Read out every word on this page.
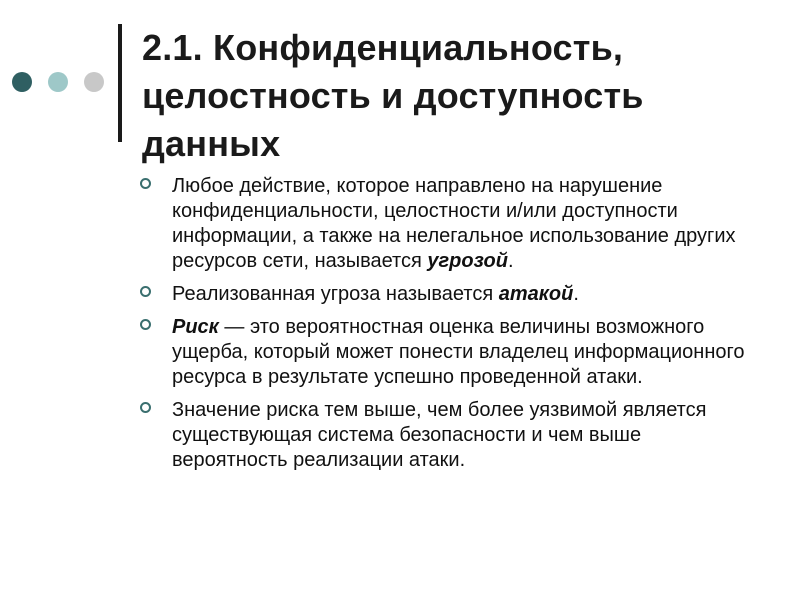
2.1. Конфиденциальность,
целостность и доступность
данных
Любое действие, которое направлено на нарушение конфиденциальности, целостности и/или доступности информации, а также на нелегальное использование других ресурсов сети, называется угрозой.
Реализованная угроза называется атакой.
Риск — это вероятностная оценка величины возможного ущерба, который может понести владелец информационного ресурса в результате успешно проведенной атаки.
Значение риска тем выше, чем более уязвимой является существующая система безопасности и чем выше вероятность реализации атаки.
